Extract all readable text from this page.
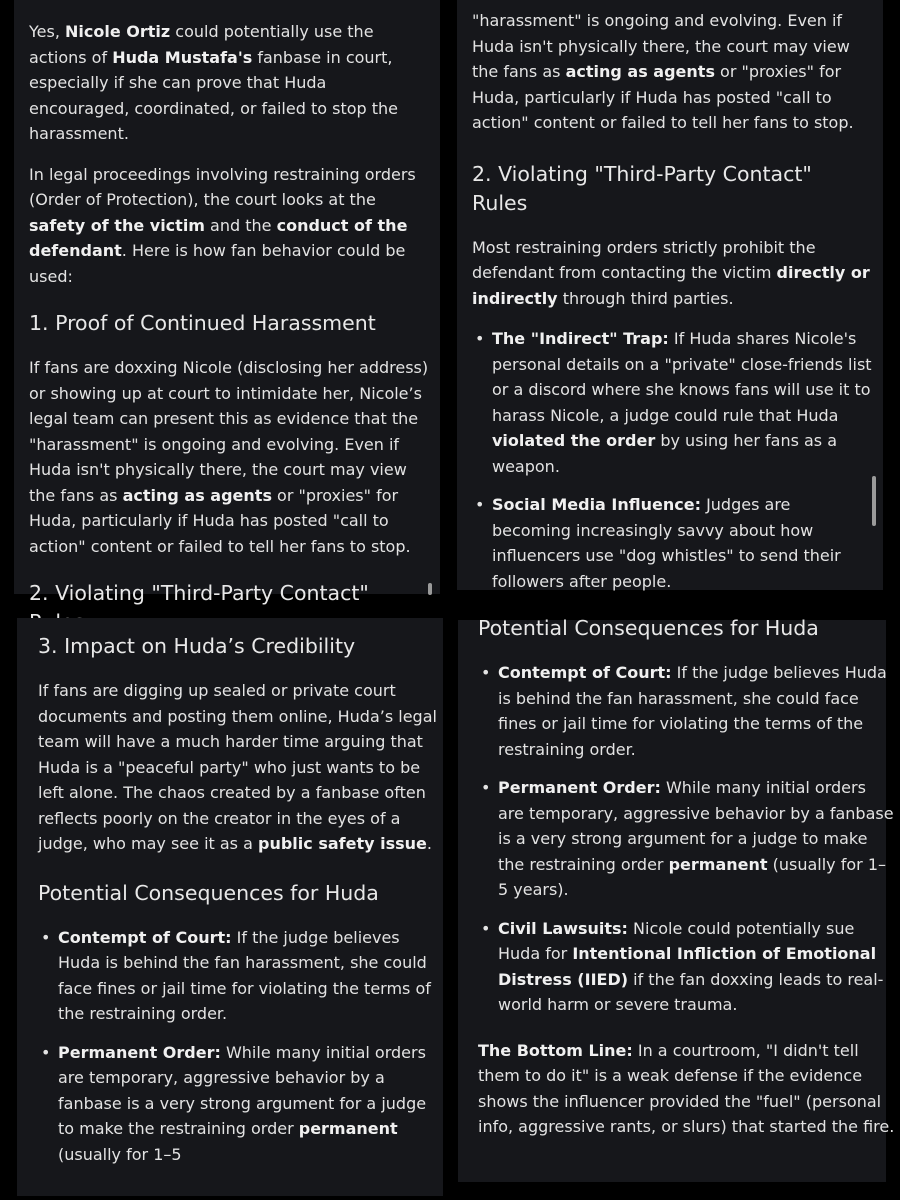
Yes, Nicole Ortiz could potentially use the actions of Huda Mustafa's fanbase in court, especially if she can prove that Huda encouraged, coordinated, or failed to stop the harassment.

In legal proceedings involving restraining orders (Order of Protection), the court looks at the safety of the victim and the conduct of the defendant. Here is how fan behavior could be used:

1. Proof of Continued Harassment

If fans are doxxing Nicole (disclosing her address) or showing up at court to intimidate her, Nicole’s legal team can present this as evidence that the "harassment" is ongoing and evolving. Even if Huda isn't physically there, the court may view the fans as acting as agents or "proxies" for Huda, particularly if Huda has posted "call to action" content or failed to tell her fans to stop.

2. Violating "Third-Party Contact"

"harassment" is ongoing and evolving. Even if Huda isn't physically there, the court may view the fans as acting as agents or "proxies" for Huda, particularly if Huda has posted "call to action" content or failed to tell her fans to stop.

2. Violating "Third-Party Contact" Rules

Most restraining orders strictly prohibit the defendant from contacting the victim directly or indirectly through third parties.

• The "Indirect" Trap: If Huda shares Nicole's personal details on a "private" close-friends list or a discord where she knows fans will use it to harass Nicole, a judge could rule that Huda violated the order by using her fans as a weapon.
• Social Media Influence: Judges are becoming increasingly savvy about how influencers use "dog whistles" to send their followers after people.
3. Impact on Huda’s Credibility

If fans are digging up sealed or private court documents and posting them online, Huda’s legal team will have a much harder time arguing that Huda is a "peaceful party" who just wants to be left alone. The chaos created by a fanbase often reflects poorly on the creator in the eyes of a judge, who may see it as a public safety issue.

Potential Consequences for Huda
• Contempt of Court: If the judge believes Huda is behind the fan harassment, she could face fines or jail time for violating the terms of the restraining order.
• Permanent Order: While many initial orders are temporary, aggressive behavior by a fanbase is a very strong argument for a judge to make the restraining order permanent (usually for 1–5
Potential Consequences for Huda
• Contempt of Court: If the judge believes Huda is behind the fan harassment, she could face fines or jail time for violating the terms of the restraining order.
• Permanent Order: While many initial orders are temporary, aggressive behavior by a fanbase is a very strong argument for a judge to make the restraining order permanent (usually for 1–5 years).
• Civil Lawsuits: Nicole could potentially sue Huda for Intentional Infliction of Emotional Distress (IIED) if the fan doxxing leads to real-world harm or severe trauma.

The Bottom Line: In a courtroom, "I didn't tell them to do it" is a weak defense if the evidence shows the influencer provided the "fuel" (personal info, aggressive rants, or slurs) that started the fire.
